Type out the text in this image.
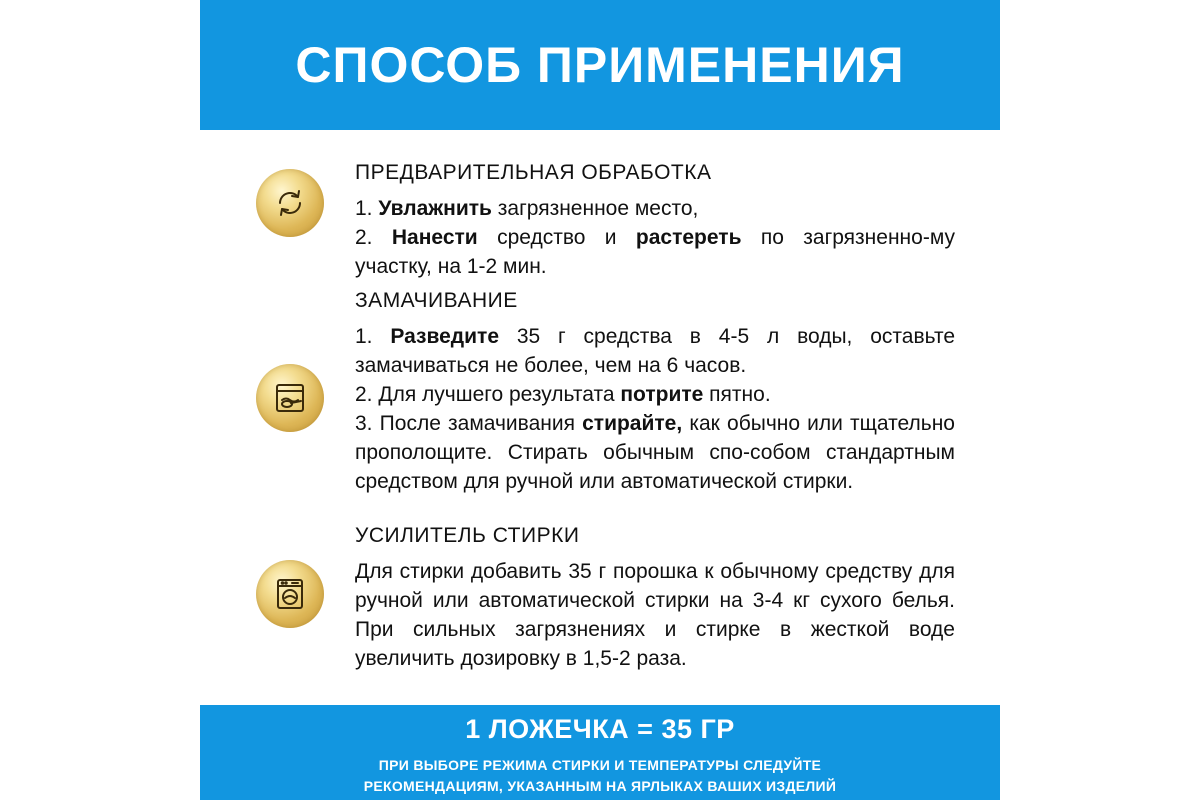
СПОСОБ ПРИМЕНЕНИЯ
ПРЕДВАРИТЕЛЬНАЯ ОБРАБОТКА

1. Увлажнить загрязненное место,

2. Нанести средство и растереть по загрязненно-му участку, на 1-2 мин.

ЗАМАЧИВАНИЕ

1. Разведите 35 г средства в 4-5 л воды, оставьте замачиваться не более, чем на 6 часов.

2. Для лучшего результата потрите пятно.

3. После замачивания стирайте, как обычно или тщательно прополощите. Стирать обычным спо-собом стандартным средством для ручной или автоматической стирки.

УСИЛИТЕЛЬ СТИРКИ

Для стирки добавить 35 г порошка к обычному средству для ручной или автоматической стирки на 3-4 кг сухого белья. При сильных загрязнениях и стирке в жесткой воде увеличить дозировку в 1,5-2 раза.

1 ЛОЖЕЧКА = 35 ГР
ПРИ ВЫБОРЕ РЕЖИМА СТИРКИ И ТЕМПЕРАТУРЫ СЛЕДУЙТЕ
РЕКОМЕНДАЦИЯМ, УКАЗАННЫМ НА ЯРЛЫКАХ ВАШИХ ИЗДЕЛИЙ
